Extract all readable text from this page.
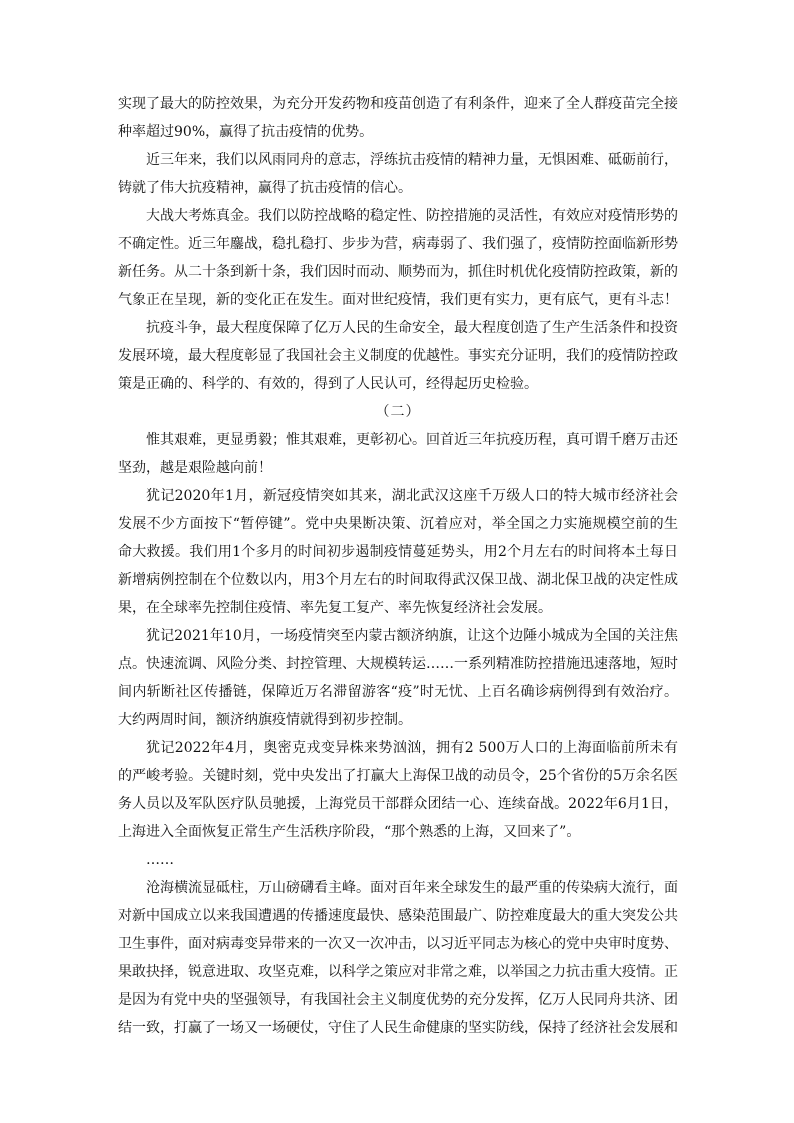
实现了最大的防控效果，为充分开发药物和疫苗创造了有利条件，迎来了全人群疫苗完全接种率超过90%，赢得了抗击疫情的优势。

近三年来，我们以风雨同舟的意志，浮练抗击疫情的精神力量，无惧困难、砥砺前行，铸就了伟大抗疫精神，赢得了抗击疫情的信心。

大战大考炼真金。我们以防控战略的稳定性、防控措施的灵活性，有效应对疫情形势的不确定性。近三年鏖战，稳扎稳打、步步为营，病毒弱了、我们强了，疫情防控面临新形势新任务。从二十条到新十条，我们因时而动、顺势而为，抓住时机优化疫情防控政策，新的气象正在呈现，新的变化正在发生。面对世纪疫情，我们更有实力，更有底气，更有斗志！

抗疫斗争，最大程度保障了亿万人民的生命安全，最大程度创造了生产生活条件和投资发展环境，最大程度彰显了我国社会主义制度的优越性。事实充分证明，我们的疫情防控政策是正确的、科学的、有效的，得到了人民认可，经得起历史检验。

（二）

惟其艰难，更显勇毅；惟其艰难，更彰初心。回首近三年抗疫历程，真可谓千磨万击还坚劲，越是艰险越向前！

犹记2020年1月，新冠疫情突如其来，湖北武汉这座千万级人口的特大城市经济社会发展不少方面按下“暂停键”。党中央果断决策、沉着应对，举全国之力实施规模空前的生命大救援。我们用1个多月的时间初步遏制疫情蔓延势头，用2个月左右的时间将本土每日新增病例控制在个位数以内，用3个月左右的时间取得武汉保卫战、湖北保卫战的决定性成果，在全球率先控制住疫情、率先复工复产、率先恢复经济社会发展。

犹记2021年10月，一场疫情突至内蒙古额济纳旗，让这个边陲小城成为全国的关注焦点。快速流调、风险分类、封控管理、大规模转运……一系列精准防控措施迅速落地，短时间内斩断社区传播链，保障近万名滞留游客“疫”时无忧、上百名确诊病例得到有效治疗。大约两周时间，额济纳旗疫情就得到初步控制。

犹记2022年4月，奥密克戎变异株来势汹汹，拥有2 500万人口的上海面临前所未有的严峻考验。关键时刻，党中央发出了打赢大上海保卫战的动员令，25个省份的5万余名医务人员以及军队医疗队员驰援，上海党员干部群众团结一心、连续奋战。2022年6月1日，上海进入全面恢复正常生产生活秩序阶段，“那个熟悉的上海，又回来了”。

……

沧海横流显砥柱，万山磅礴看主峰。面对百年来全球发生的最严重的传染病大流行，面对新中国成立以来我国遭遇的传播速度最快、感染范围最广、防控难度最大的重大突发公共卫生事件，面对病毒变异带来的一次又一次冲击，以习近平同志为核心的党中央审时度势、果敢抉择，锐意进取、攻坚克难，以科学之策应对非常之难，以举国之力抗击重大疫情。正是因为有党中央的坚强领导，有我国社会主义制度优势的充分发挥，亿万人民同舟共济、团结一致，打赢了一场又一场硬仗，守住了人民生命健康的坚实防线，保持了经济社会发展和
